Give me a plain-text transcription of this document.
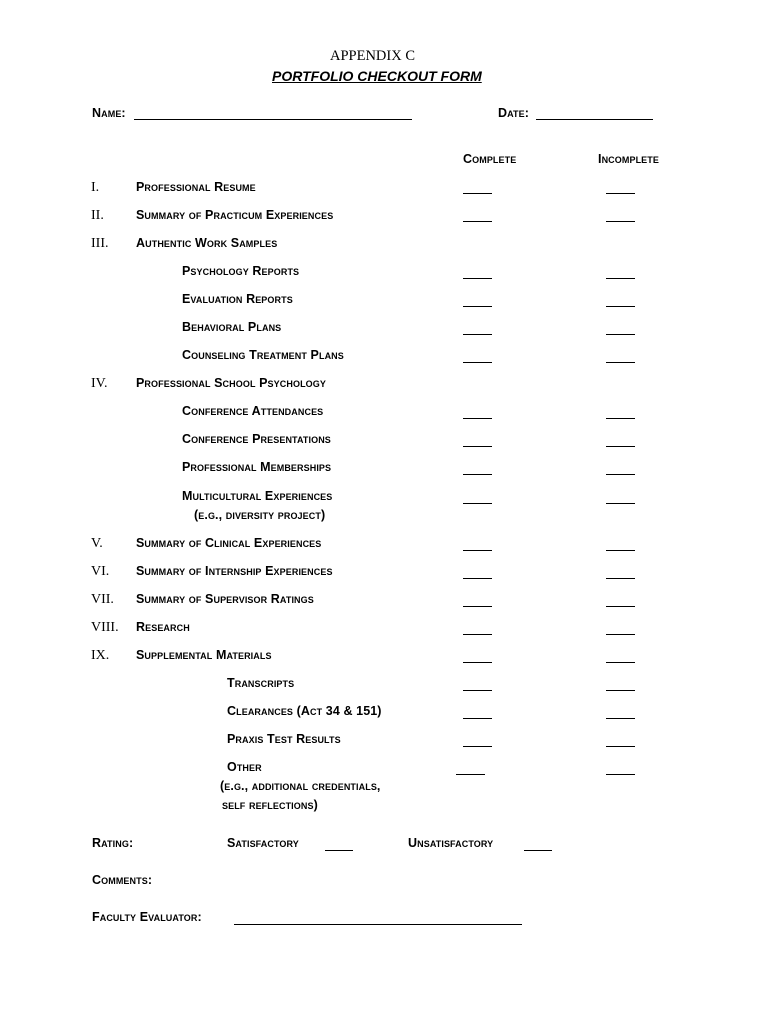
APPENDIX C
PORTFOLIO CHECKOUT FORM
Name:	Date:
Complete	Incomplete
I.	Professional Resume
II.	Summary of Practicum Experiences
III. Authentic Work Samples
Psychology Reports
Evaluation Reports
Behavioral Plans
Counseling Treatment Plans
IV. Professional School Psychology
Conference Attendances
Conference Presentations
Professional Memberships
Multicultural Experiences
(e.g., diversity project)
V.	Summary of Clinical Experiences
VI. Summary of Internship Experiences
VII. Summary of Supervisor Ratings
VIII. Research
IX. Supplemental Materials
Transcripts
Clearances (Act 34 & 151)
Praxis Test Results
Other
(e.g., additional credentials,
self reflections)
Rating:	Satisfactory	Unsatisfactory
Comments:
Faculty Evaluator:
